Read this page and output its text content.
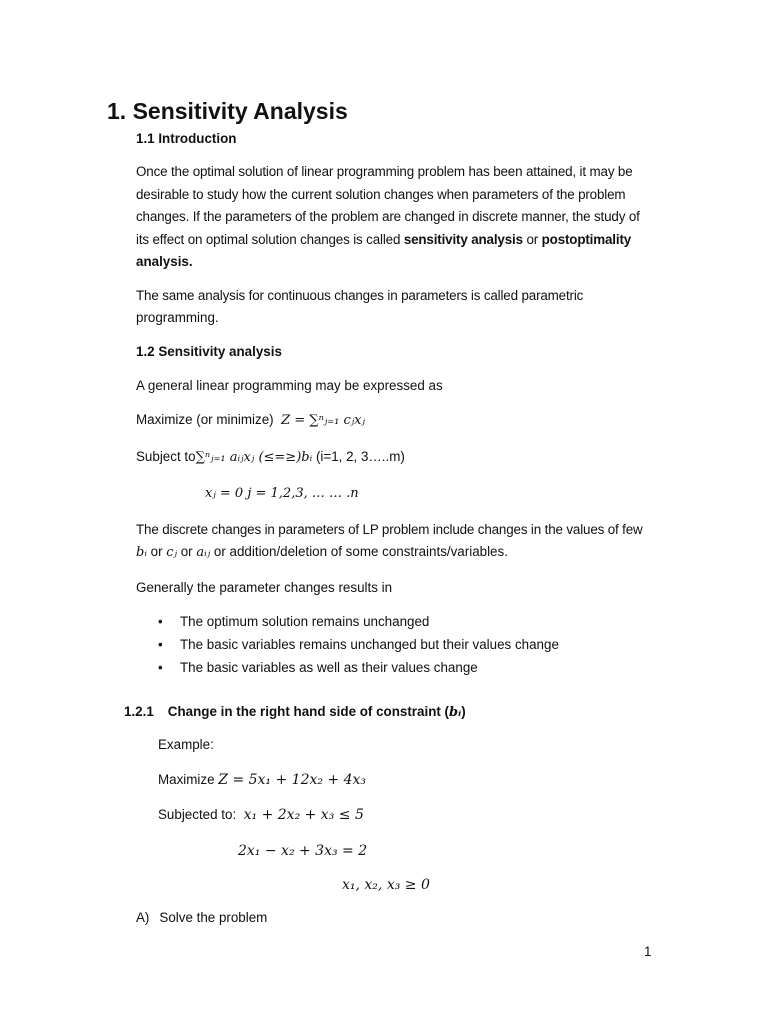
1. Sensitivity Analysis
1.1 Introduction
Once the optimal solution of linear programming problem has been attained, it may be
desirable to study how the current solution changes when parameters of the problem
changes. If the parameters of the problem are changed in discrete manner, the study of
its effect on optimal solution changes is called sensitivity analysis or postoptimality
analysis.
The same analysis for continuous changes in parameters is called parametric
programming.
1.2 Sensitivity analysis
A general linear programming may be expressed as
Maximize (or minimize) Z = ∑ⁿⱼ₌₁ cⱼxⱼ
Subject to∑ⁿⱼ₌₁ aᵢⱼxⱼ (≤=≥)bᵢ (i=1, 2, 3…..m)
xⱼ = 0 j = 1,2,3, … … .n
The discrete changes in parameters of LP problem include changes in the values of few
bᵢ or cⱼ or aᵢⱼ or addition/deletion of some constraints/variables.
Generally the parameter changes results in
• The optimum solution remains unchanged
• The basic variables remains unchanged but their values change
• The basic variables as well as their values change
1.2.1 Change in the right hand side of constraint (bᵢ)
Example:
Maximize Z = 5x₁ + 12x₂ + 4x₃
Subjected to: x₁ + 2x₂ + x₃ ≤ 5
2x₁ − x₂ + 3x₃ = 2
x₁, x₂, x₃ ≥ 0
A) Solve the problem
1
